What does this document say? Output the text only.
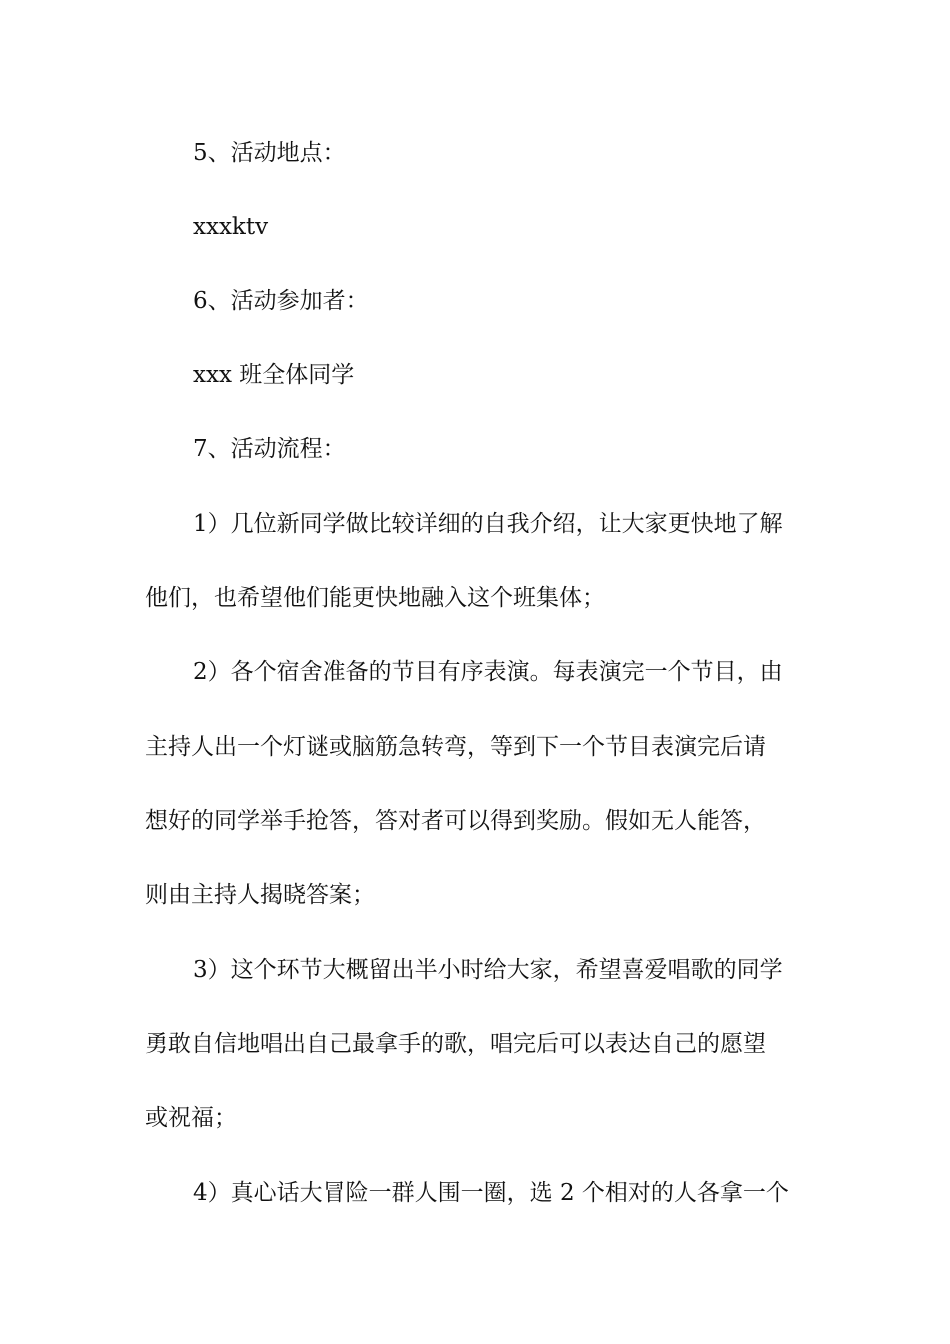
5、活动地点：
xxxktv
6、活动参加者：
xxx 班全体同学
7、活动流程：
1）几位新同学做比较详细的自我介绍，让大家更快地了解
他们，也希望他们能更快地融入这个班集体；
2）各个宿舍准备的节目有序表演。每表演完一个节目，由
主持人出一个灯谜或脑筋急转弯，等到下一个节目表演完后请
想好的同学举手抢答，答对者可以得到奖励。假如无人能答，
则由主持人揭晓答案；
3）这个环节大概留出半小时给大家，希望喜爱唱歌的同学
勇敢自信地唱出自己最拿手的歌，唱完后可以表达自己的愿望
或祝福；
4）真心话大冒险一群人围一圈，选 2 个相对的人各拿一个
